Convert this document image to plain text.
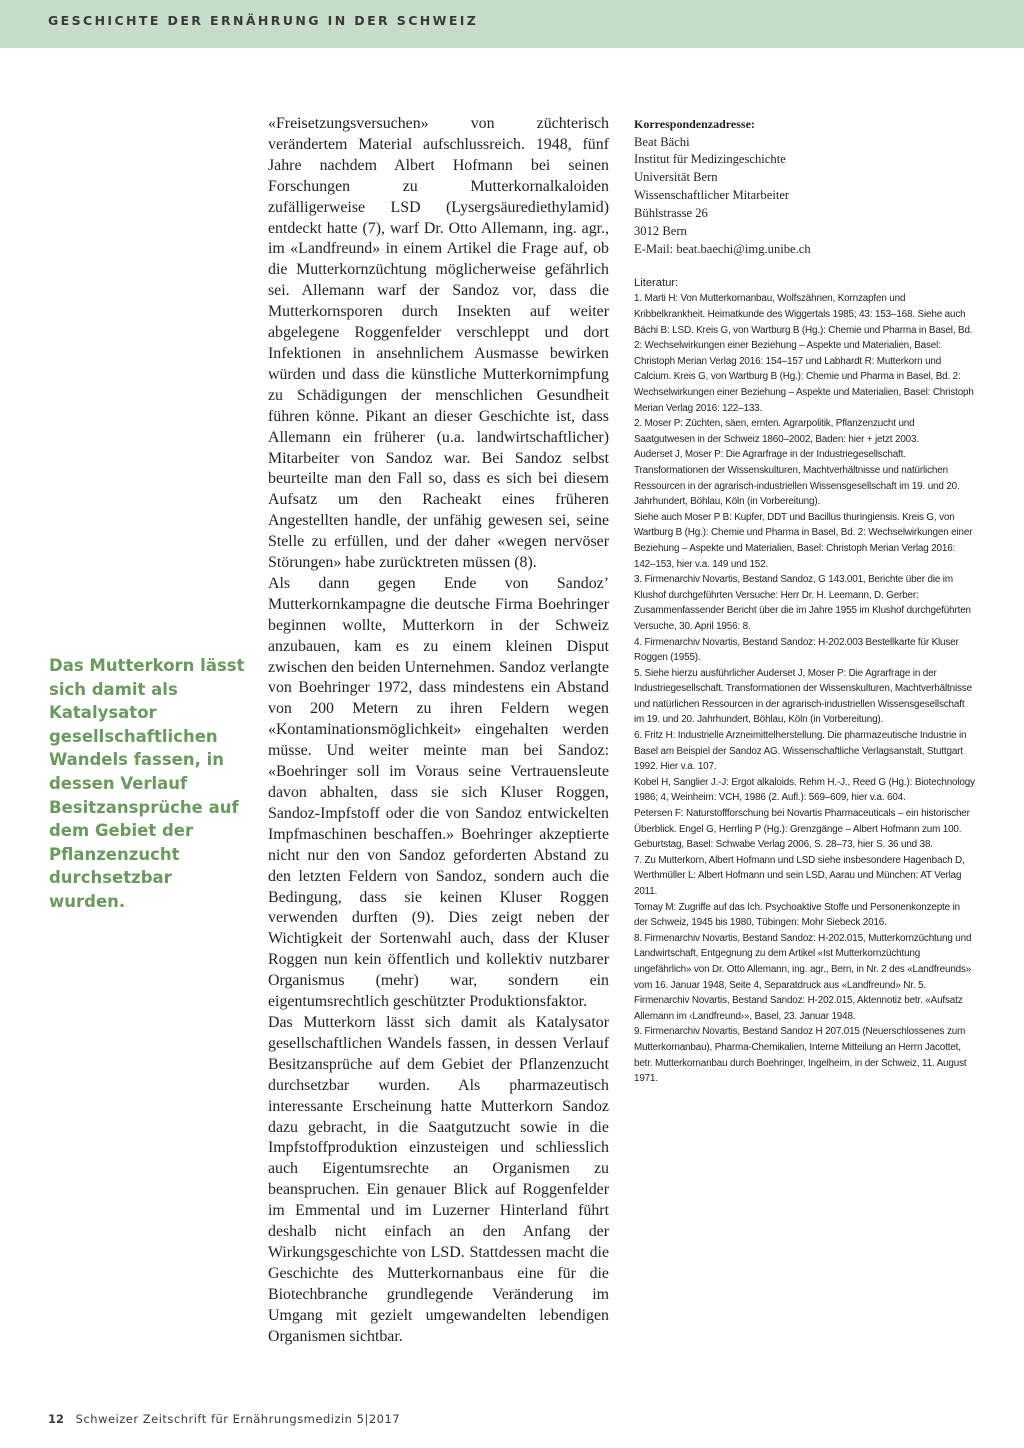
GESCHICHTE DER ERNÄHRUNG IN DER SCHWEIZ

Das Mutterkorn lässt sich damit als Katalysator gesellschaftlichen Wandels fassen, in dessen Verlauf Besitzansprüche auf dem Gebiet der Pflanzenzucht durchsetzbar wurden.

«Freisetzungsversuchen» von züchterisch verändertem Material aufschlussreich. 1948, fünf Jahre nachdem Albert Hofmann bei seinen Forschungen zu Mutterkornalkaloiden zufälligerweise LSD (Lysergsäurediethylamid) entdeckt hatte (7), warf Dr. Otto Allemann, ing. agr., im «Landfreund» in einem Artikel die Frage auf, ob die Mutterkornzüchtung möglicherweise gefährlich sei. Allemann warf der Sandoz vor, dass die Mutterkornsporen durch Insekten auf weiter abgelegene Roggenfelder verschleppt und dort Infektionen in ansehnlichem Ausmasse bewirken würden und dass die künstliche Mutterkornimpfung zu Schädigungen der menschlichen Gesundheit führen könne. Pikant an dieser Geschichte ist, dass Allemann ein früherer (u.a. landwirtschaftlicher) Mitarbeiter von Sandoz war. Bei Sandoz selbst beurteilte man den Fall so, dass es sich bei diesem Aufsatz um den Racheakt eines früheren Angestellten handle, der unfähig gewesen sei, seine Stelle zu erfüllen, und der daher «wegen nervöser Störungen» habe zurücktreten müssen (8).

Als dann gegen Ende von Sandoz’ Mutterkornkampagne die deutsche Firma Boehringer beginnen wollte, Mutterkorn in der Schweiz anzubauen, kam es zu einem kleinen Disput zwischen den beiden Unternehmen. Sandoz verlangte von Boehringer 1972, dass mindestens ein Abstand von 200 Metern zu ihren Feldern wegen «Kontaminationsmöglichkeit» eingehalten werden müsse. Und weiter meinte man bei Sandoz: «Boehringer soll im Voraus seine Vertrauensleute davon abhalten, dass sie sich Kluser Roggen, Sandoz-Impfstoff oder die von Sandoz entwickelten Impfmaschinen beschaffen.» Boehringer akzeptierte nicht nur den von Sandoz geforderten Abstand zu den letzten Feldern von Sandoz, sondern auch die Bedingung, dass sie keinen Kluser Roggen verwenden durften (9). Dies zeigt neben der Wichtigkeit der Sortenwahl auch, dass der Kluser Roggen nun kein öffentlich und kollektiv nutzbarer Organismus (mehr) war, sondern ein eigentumsrechtlich geschützter Produktionsfaktor.

Das Mutterkorn lässt sich damit als Katalysator gesellschaftlichen Wandels fassen, in dessen Verlauf Besitzansprüche auf dem Gebiet der Pflanzenzucht durchsetzbar wurden. Als pharmazeutisch interessante Erscheinung hatte Mutterkorn Sandoz dazu gebracht, in die Saatgutzucht sowie in die Impfstoffproduktion einzusteigen und schliesslich auch Eigentumsrechte an Organismen zu beanspruchen. Ein genauer Blick auf Roggenfelder im Emmental und im Luzerner Hinterland führt deshalb nicht einfach an den Anfang der Wirkungsgeschichte von LSD. Stattdessen macht die Geschichte des Mutterkornanbaus eine für die Biotechbranche grundlegende Veränderung im Umgang mit gezielt umgewandelten lebendigen Organismen sichtbar.

Korrespondenzadresse:
Beat Bächi
Institut für Medizingeschichte
Universität Bern
Wissenschaftlicher Mitarbeiter
Bühlstrasse 26
3012 Bern
E-Mail: beat.baechi@img.unibe.ch
Literatur:
1. Marti H: Von Mutterkornanbau, Wolfszähnen, Kornzapfen und Kribbelkrankheit. Heimatkunde des Wiggertals 1985; 43: 153–168. Siehe auch Bächi B: LSD. Kreis G, von Wartburg B (Hg.): Chemie und Pharma in Basel, Bd. 2: Wechselwirkungen einer Beziehung – Aspekte und Materialien, Basel: Christoph Merian Verlag 2016: 154–157 und Labhardt R: Mutterkorn und Calcium. Kreis G, von Wartburg B (Hg.): Chemie und Pharma in Basel, Bd. 2: Wechselwirkungen einer Beziehung – Aspekte und Materialien, Basel: Christoph Merian Verlag 2016: 122–133.
2. Moser P: Züchten, säen, ernten. Agrarpolitik, Pflanzenzucht und Saatgutwesen in der Schweiz 1860–2002, Baden: hier + jetzt 2003.
Auderset J, Moser P: Die Agrarfrage in der Industriegesellschaft. Transformationen der Wissenskulturen, Machtverhältnisse und natürlichen Ressourcen in der agrarisch-industriellen Wissensgesellschaft im 19. und 20. Jahrhundert, Böhlau, Köln (in Vorbereitung).
Siehe auch Moser P B: Kupfer, DDT und Bacillus thuringiensis. Kreis G, von Wartburg B (Hg.): Chemie und Pharma in Basel, Bd. 2: Wechselwirkungen einer Beziehung – Aspekte und Materialien, Basel: Christoph Merian Verlag 2016: 142–153, hier v.a. 149 und 152.
3. Firmenarchiv Novartis, Bestand Sandoz, G 143.001, Berichte über die im Klushof durchgeführten Versuche: Herr Dr. H. Leemann, D. Gerber: Zusammenfassender Bericht über die im Jahre 1955 im Klushof durchgeführten Versuche, 30. April 1956: 8.
4. Firmenarchiv Novartis, Bestand Sandoz: H-202.003 Bestellkarte für Kluser Roggen (1955).
5. Siehe hierzu ausführlicher Auderset J, Moser P: Die Agrarfrage in der Industriegesellschaft. Transformationen der Wissenskulturen, Machtverhältnisse und natürlichen Ressourcen in der agrarisch-industriellen Wissensgesellschaft im 19. und 20. Jahrhundert, Böhlau, Köln (in Vorbereitung).
6. Fritz H: Industrielle Arzneimittelherstellung. Die pharmazeutische Industrie in Basel am Beispiel der Sandoz AG. Wissenschaftliche Verlagsanstalt, Stuttgart 1992. Hier v.a. 107.
Kobel H, Sanglier J.-J: Ergot alkaloids. Rehm H.-J., Reed G (Hg.): Biotechnology 1986; 4, Weinheim: VCH, 1986 (2. Aufl.): 569–609, hier v.a. 604.
Petersen F: Naturstoffforschung bei Novartis Pharmaceuticals – ein historischer Überblick. Engel G, Herrling P (Hg.): Grenzgänge – Albert Hofmann zum 100. Geburtstag, Basel: Schwabe Verlag 2006, S. 28–73, hier S. 36 und 38.
7. Zu Mutterkorn, Albert Hofmann und LSD siehe insbesondere Hagenbach D, Werthmüller L: Albert Hofmann und sein LSD, Aarau und München: AT Verlag 2011.
Tornay M: Zugriffe auf das Ich. Psychoaktive Stoffe und Personenkonzepte in der Schweiz, 1945 bis 1980, Tübingen: Mohr Siebeck 2016.
8. Firmenarchiv Novartis, Bestand Sandoz: H-202.015, Mutterkornzüchtung und Landwirtschaft, Entgegnung zu dem Artikel «Ist Mutterkornzüchtung ungefährlich» von Dr. Otto Allemann, ing. agr., Bern, in Nr. 2 des «Landfreunds» vom 16. Januar 1948, Seite 4, Separatdruck aus «Landfreund» Nr. 5.
Firmenarchiv Novartis, Bestand Sandoz: H-202.015, Aktennotiz betr. «Aufsatz Allemann im ‹Landfreund›», Basel, 23. Januar 1948.
9. Firmenarchiv Novartis, Bestand Sandoz H 207.015 (Neuerschlossenes zum Mutterkornanbau), Pharma-Chemikalien, Interne Mitteilung an Herrn Jacottet, betr. Mutterkornanbau durch Boehringer, Ingelheim, in der Schweiz, 11. August 1971.
12 Schweizer Zeitschrift für Ernährungsmedizin 5|2017
